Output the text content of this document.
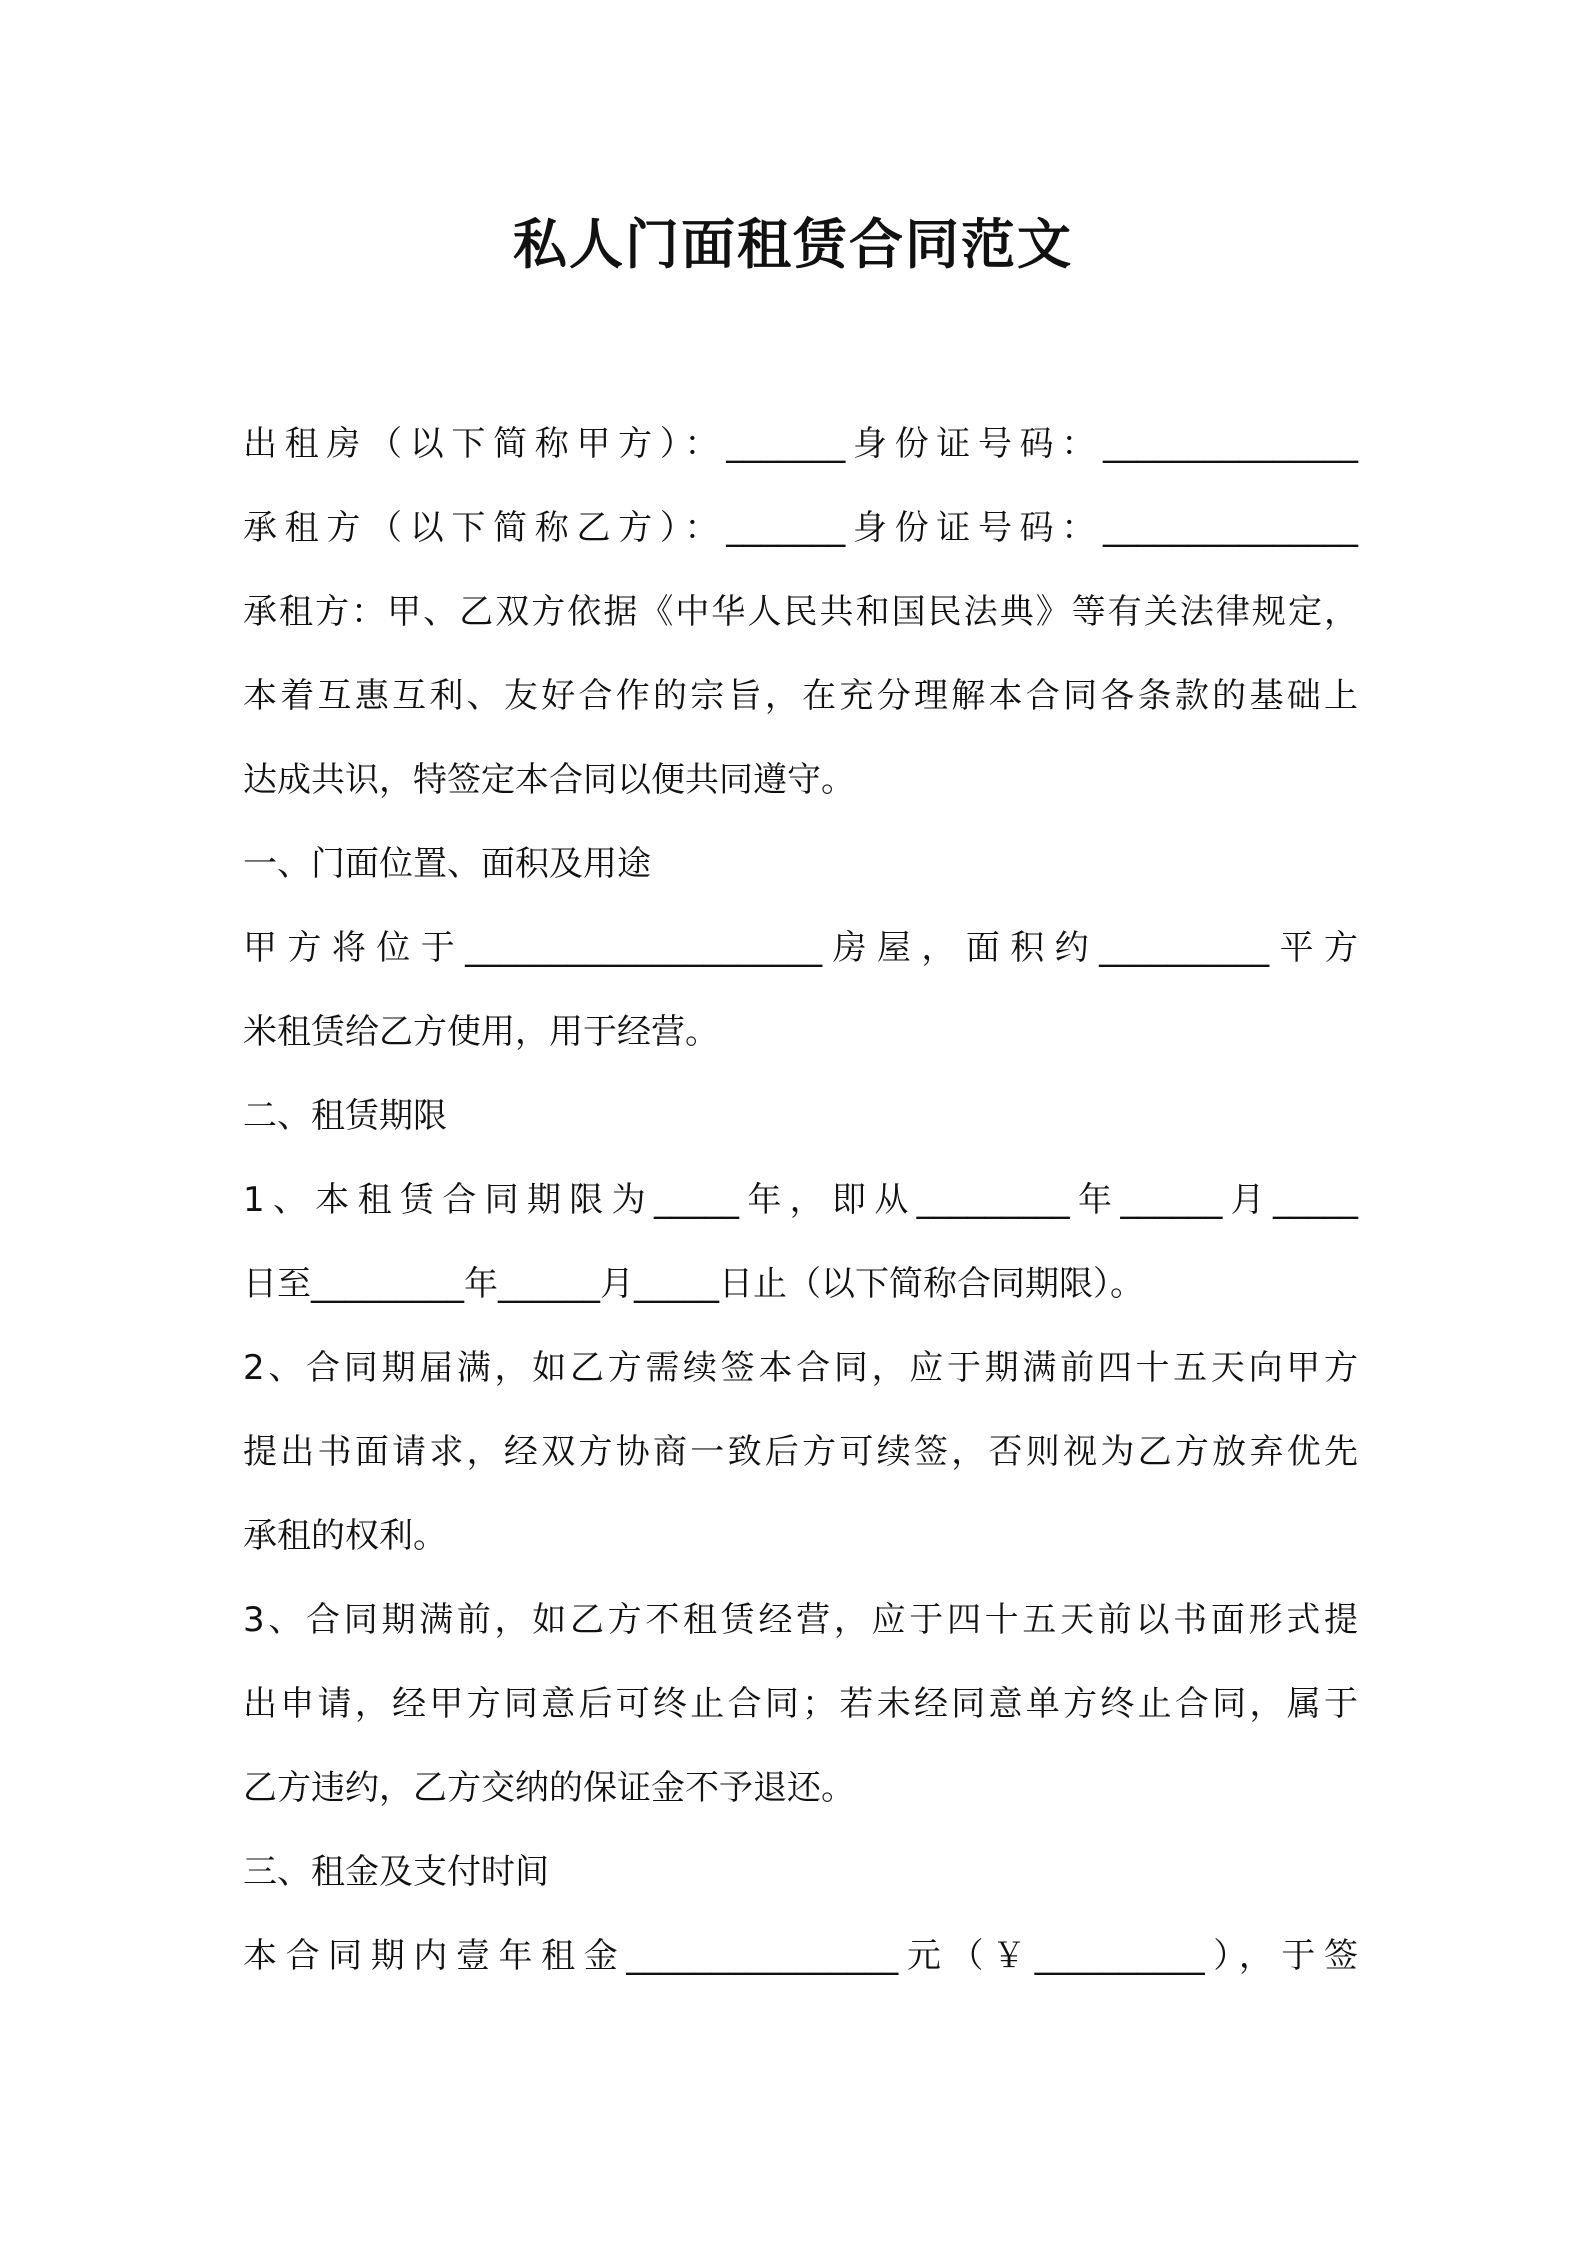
私人门面租赁合同范文

出租房（以下简称甲方）：_______身份证号码：_______________

承租方（以下简称乙方）：_______身份证号码：_______________

承租方：甲、乙双方依据《中华人民共和国民法典》等有关法律规定，

本着互惠互利、友好合作的宗旨，在充分理解本合同各条款的基础上

达成共识，特签定本合同以便共同遵守。

一、门面位置、面积及用途

甲方将位于_____________________房屋，面积约__________平方

米租赁给乙方使用，用于经营。

二、租赁期限

1、本租赁合同期限为_____年，即从_________年______月_____

日至_________年______月_____日止（以下简称合同期限）。

2、合同期届满，如乙方需续签本合同，应于期满前四十五天向甲方

提出书面请求，经双方协商一致后方可续签，否则视为乙方放弃优先

承租的权利。

3、合同期满前，如乙方不租赁经营，应于四十五天前以书面形式提

出申请，经甲方同意后可终止合同；若未经同意单方终止合同，属于

乙方违约，乙方交纳的保证金不予退还。

三、租金及支付时间

本合同期内壹年租金________________元（￥__________），于签
